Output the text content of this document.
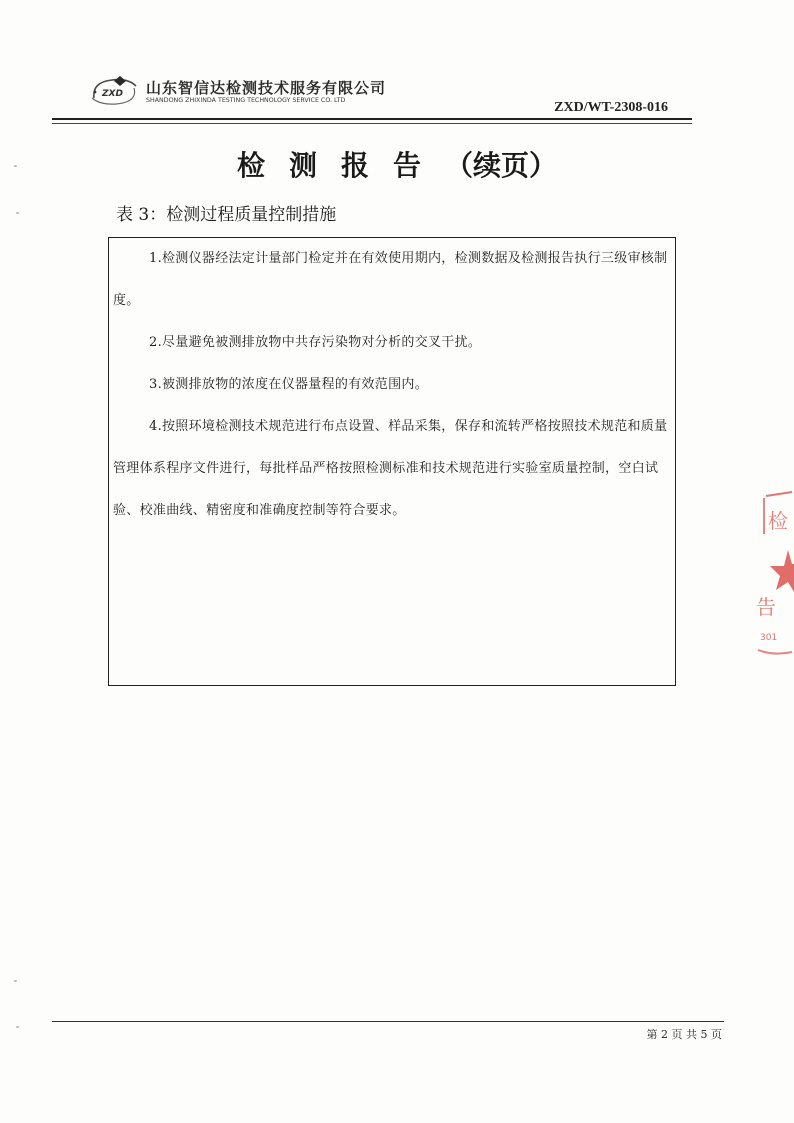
ZXD 山东智信达检测技术服务有限公司
SHANDONG ZHIXINDA TESTING TECHNOLOGY SERVICE CO. LTD	ZXD/WT-2308-016
检测报告（续页）
表 3：检测过程质量控制措施

1.检测仪器经法定计量部门检定并在有效使用期内，检测数据及检测报告执行三级审核制度。

2.尽量避免被测排放物中共存污染物对分析的交叉干扰。

3.被测排放物的浓度在仪器量程的有效范围内。

4.按照环境检测技术规范进行布点设置、样品采集，保存和流转严格按照技术规范和质量管理体系程序文件进行，每批样品严格按照检测标准和技术规范进行实验室质量控制，空白试验、校准曲线、精密度和准确度控制等符合要求。	检
告
301
第 2 页 共 5 页
